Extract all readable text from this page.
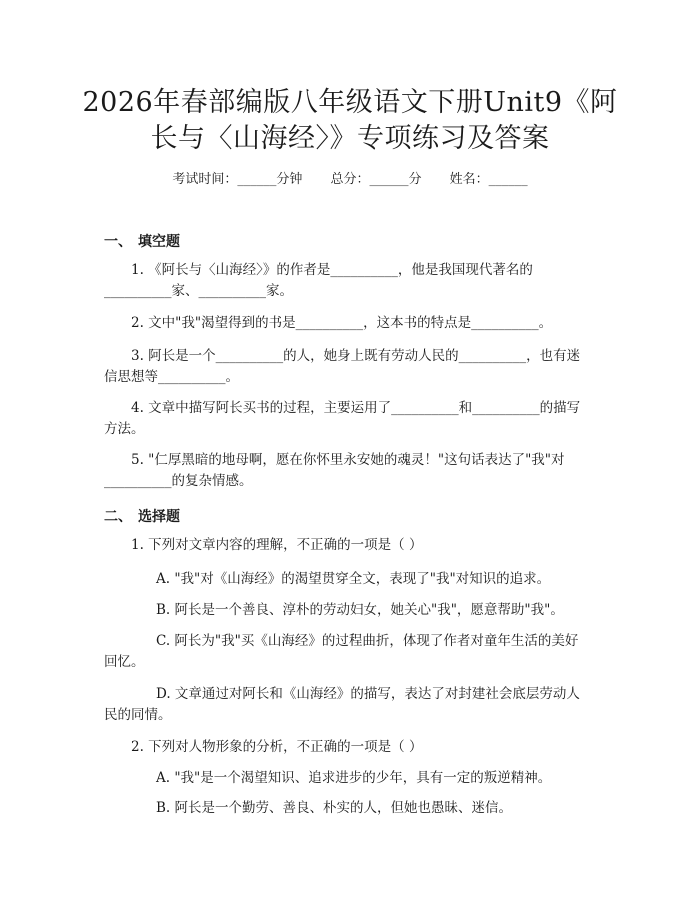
2026年春部编版八年级语文下册Unit9《阿
长与〈山海经〉》专项练习及答案
考试时间：______分钟 总分：______分 姓名：______
一、 填空题
1. 《阿长与〈山海经〉》的作者是__________，他是我国现代著名的
__________家、__________家。
2. 文中"我"渴望得到的书是__________，这本书的特点是__________。
3. 阿长是一个__________的人，她身上既有劳动人民的__________，也有迷
信思想等__________。
4. 文章中描写阿长买书的过程，主要运用了__________和__________的描写
方法。
5. "仁厚黑暗的地母啊，愿在你怀里永安她的魂灵！"这句话表达了"我"对
__________的复杂情感。
二、 选择题
1. 下列对文章内容的理解，不正确的一项是（ ）
A. "我"对《山海经》的渴望贯穿全文，表现了"我"对知识的追求。
B. 阿长是一个善良、淳朴的劳动妇女，她关心"我"，愿意帮助"我"。
C. 阿长为"我"买《山海经》的过程曲折，体现了作者对童年生活的美好
回忆。
D. 文章通过对阿长和《山海经》的描写，表达了对封建社会底层劳动人
民的同情。
2. 下列对人物形象的分析，不正确的一项是（ ）
A. "我"是一个渴望知识、追求进步的少年，具有一定的叛逆精神。
B. 阿长是一个勤劳、善良、朴实的人，但她也愚昧、迷信。
